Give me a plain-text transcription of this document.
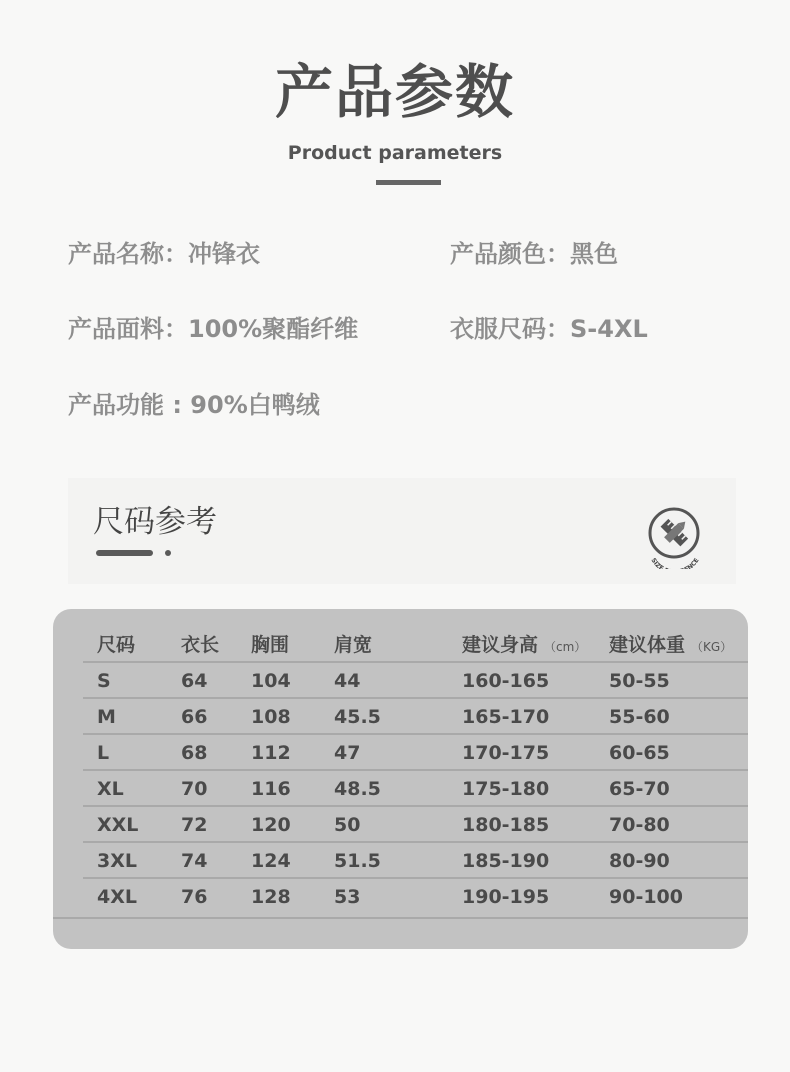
产品参数
Product parameters
产品名称：冲锋衣	产品颜色：黑色
产品面料：100%聚酯纤维	衣服尺码：S-4XL
产品功能 : 90%白鸭绒
尺码参考
SIZE NCE
尺码 衣长 胸围 肩宽	建议身高 （cm） 建议体重 （KG）
S	64 104 44	160-165	50-55
M	66 108 45.5	165-170	55-60
L	68 112 47	170-175	60-65
XL	70 116 48.5	175-180	65-70
XXL 72 120 50	180-185	70-80
3XL 74 124 51.5	185-190	80-90
4XL 76 128 53	190-195	90-100
